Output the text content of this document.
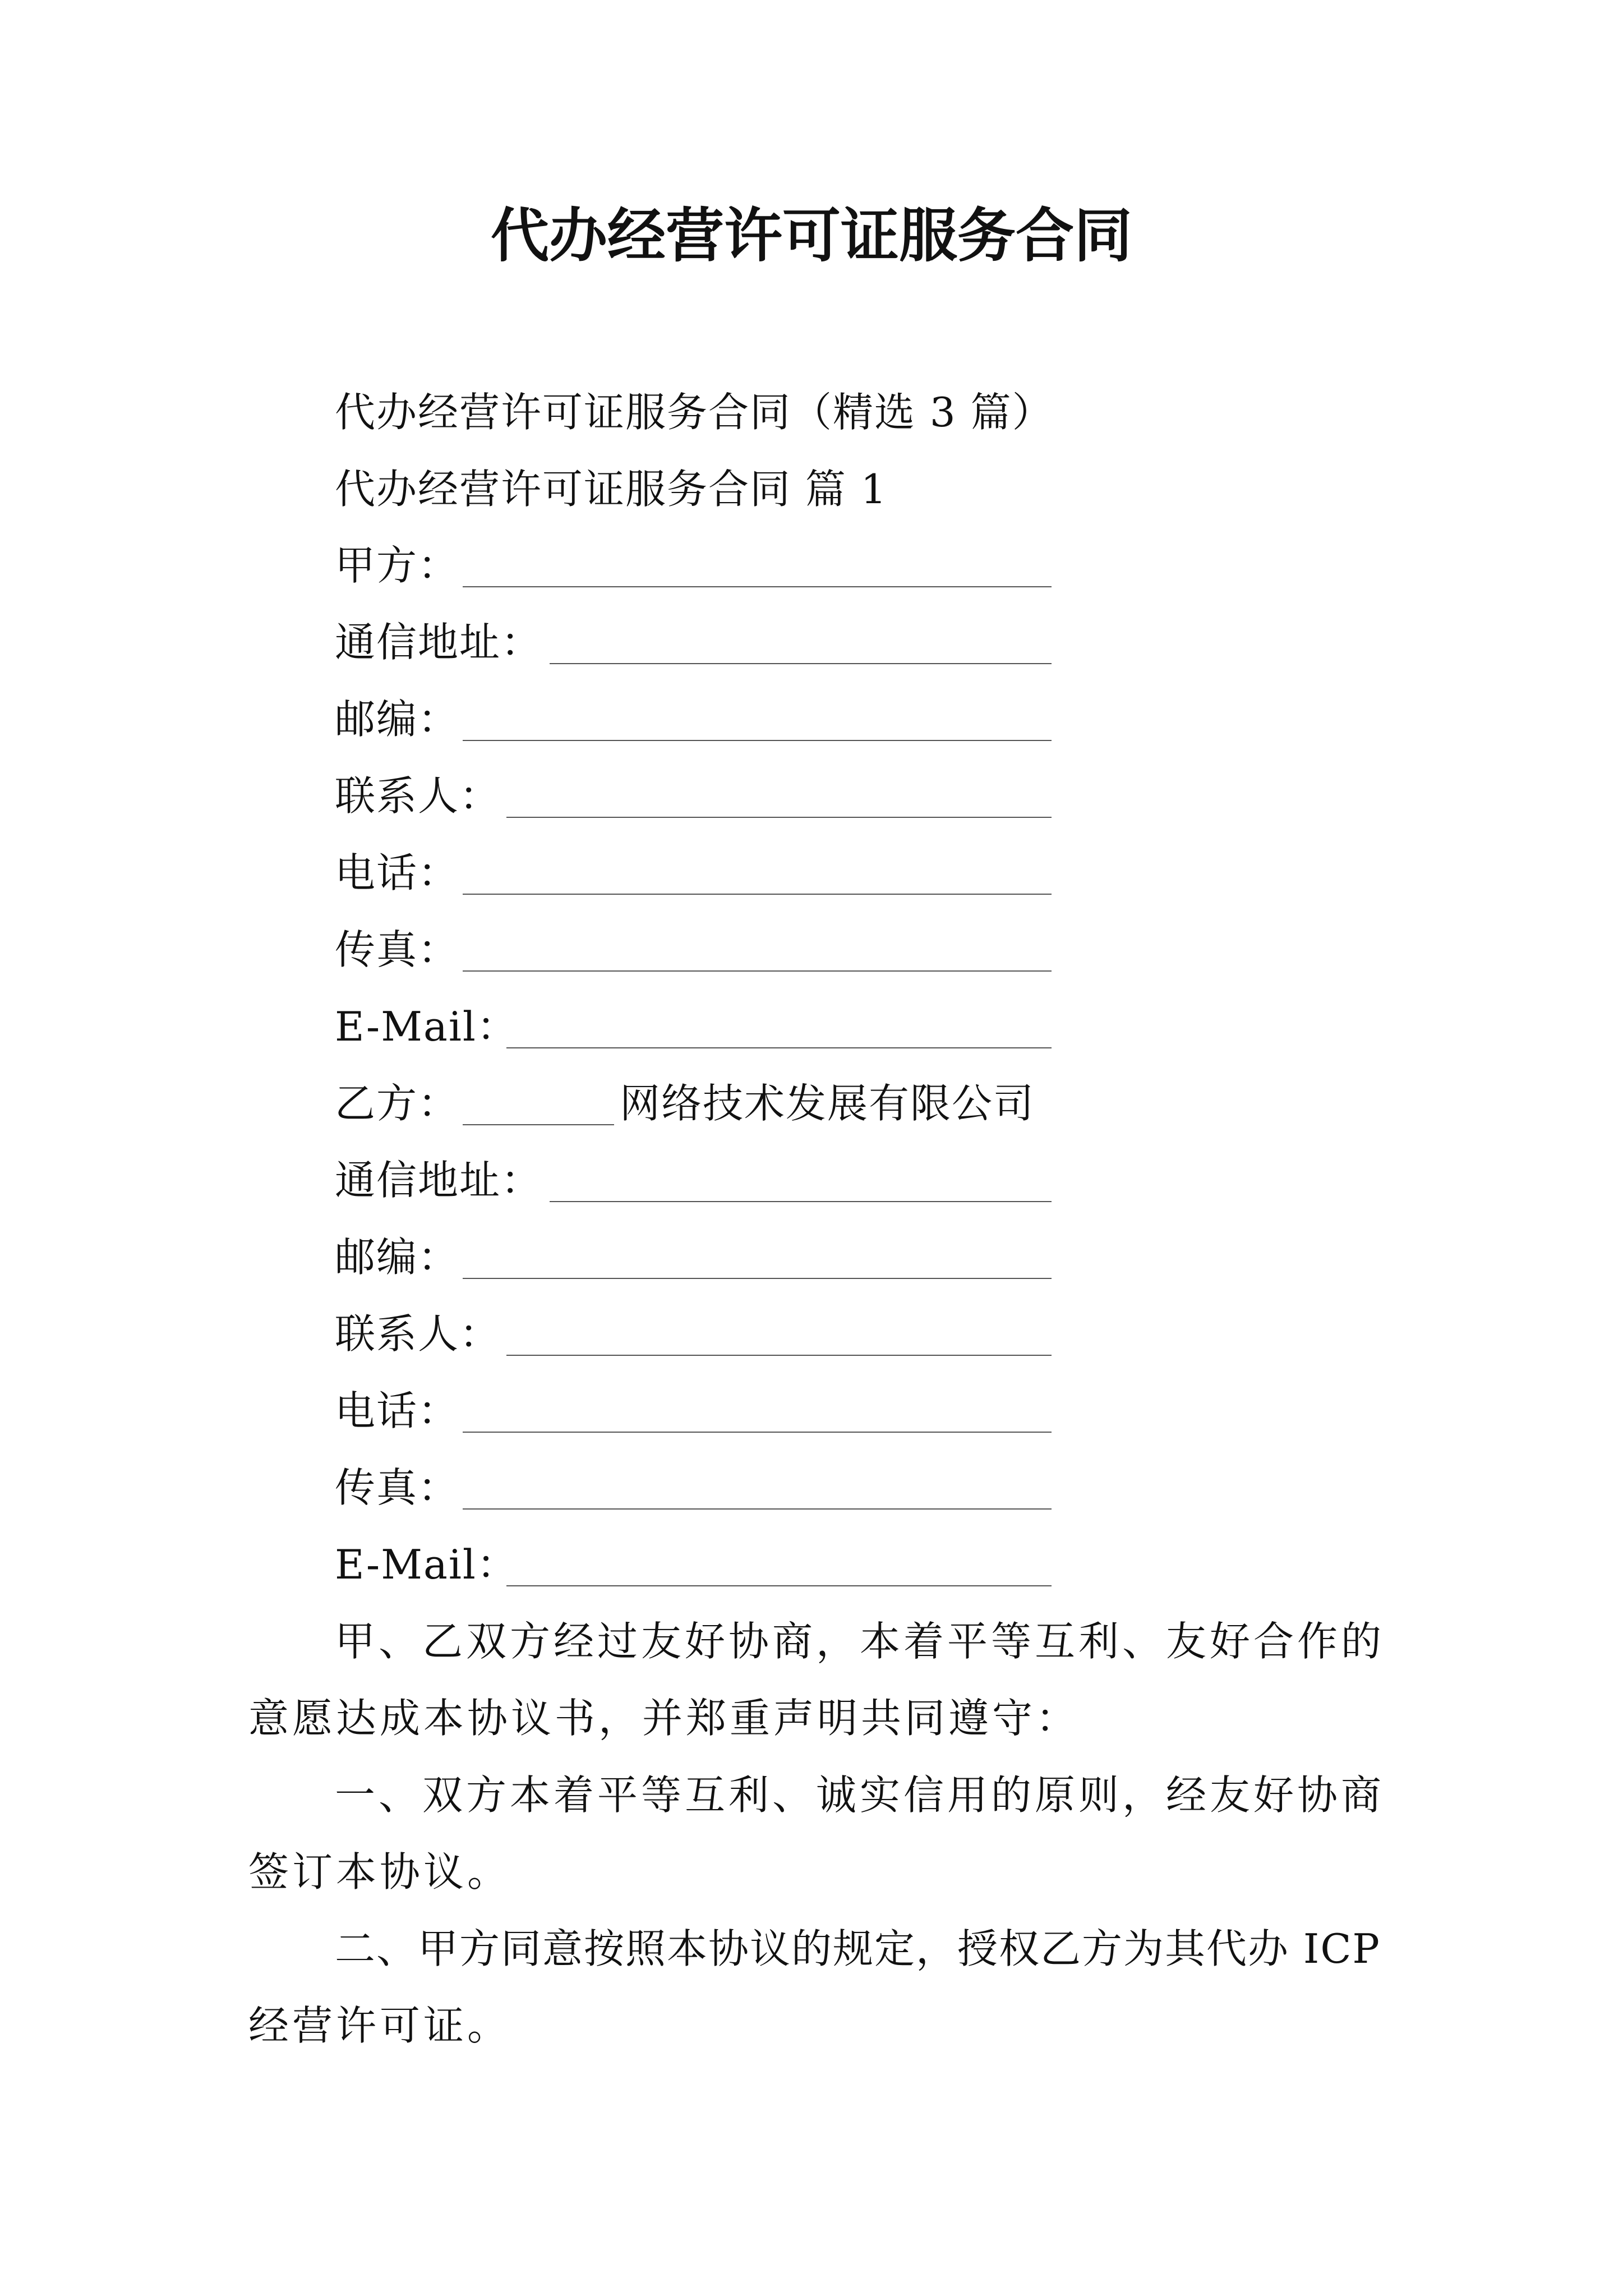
代办经营许可证服务合同
代办经营许可证服务合同（精选 3 篇）
代办经营许可证服务合同 篇 1
甲方：
通信地址：
邮编：
联系人：
电话：
传真：
E-Mail：
乙方：	网络技术发展有限公司
通信地址：
邮编：
联系人：
电话：
传真：
E-Mail：
甲、乙双方经过友好协商，本着平等互利、友好合作的
意愿达成本协议书，并郑重声明共同遵守：
一、双方本着平等互利、诚实信用的原则，经友好协商
签订本协议。
二、甲方同意按照本协议的规定，授权乙方为其代办 ICP
经营许可证。
